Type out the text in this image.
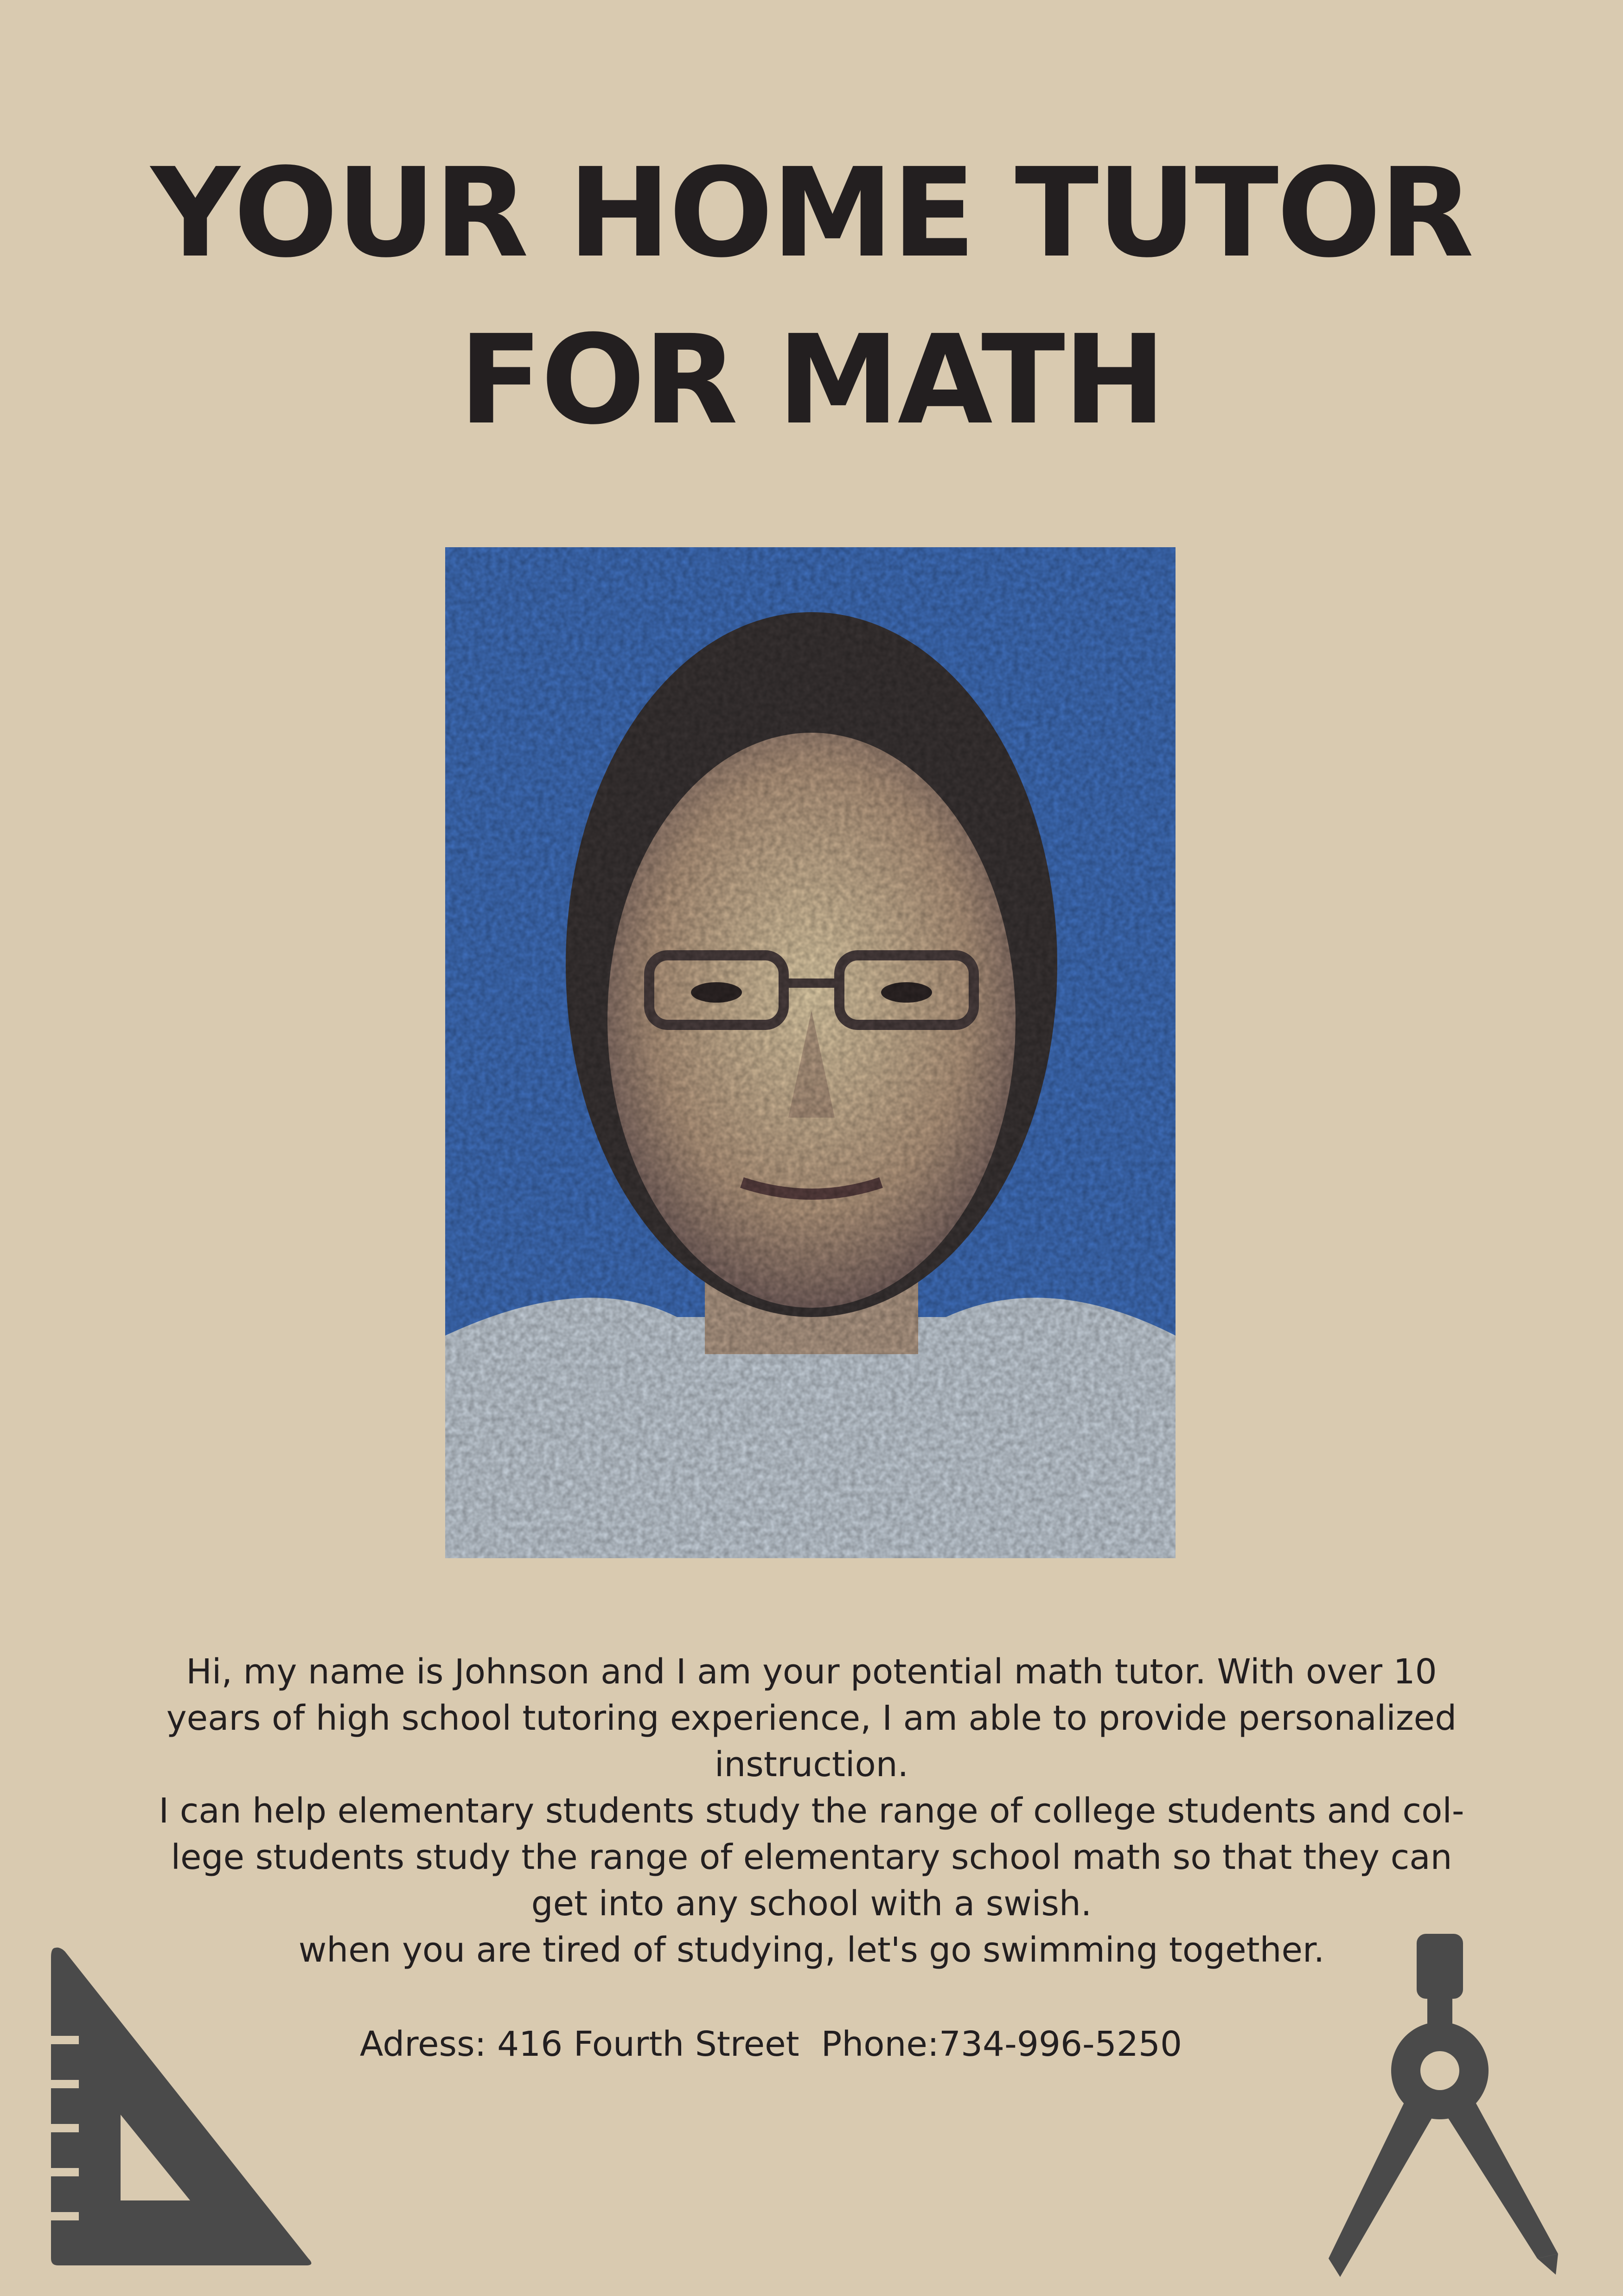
YOUR HOME TUTOR
FOR MATH

Hi, my name is Johnson and I am your potential math tutor. With over 10

years of high school tutoring experience, I am able to provide personalized

instruction.

I can help elementary students study the range of college students and col-

lege students study the range of elementary school math so that they can

get into any school with a swish.

when you are tired of studying, let's go swimming together.

Adress: 416 Fourth Street  Phone:734-996-5250
